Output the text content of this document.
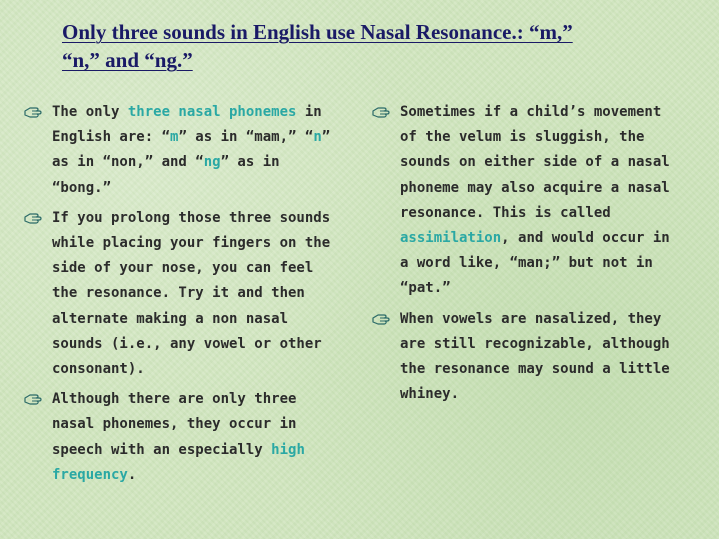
Only three sounds in English use Nasal Resonance.: “m,”
“n,” and “ng.”
The only three nasal phonemes in English are: “m” as in “mam,” “n” as in “non,” and “ng” as in “bong.”
If you prolong those three sounds while placing your fingers on the side of your nose, you can feel the resonance. Try it and then alternate making a non nasal sounds (i.e., any vowel or other consonant).
Although there are only three nasal phonemes, they occur in speech with an especially high frequency.
Sometimes if a child’s movement of the velum is sluggish, the sounds on either side of a nasal phoneme may also acquire a nasal resonance. This is called assimilation, and would occur in a word like, “man;” but not in “pat.”
When vowels are nasalized, they are still recognizable, although the resonance may sound a little whiney.
